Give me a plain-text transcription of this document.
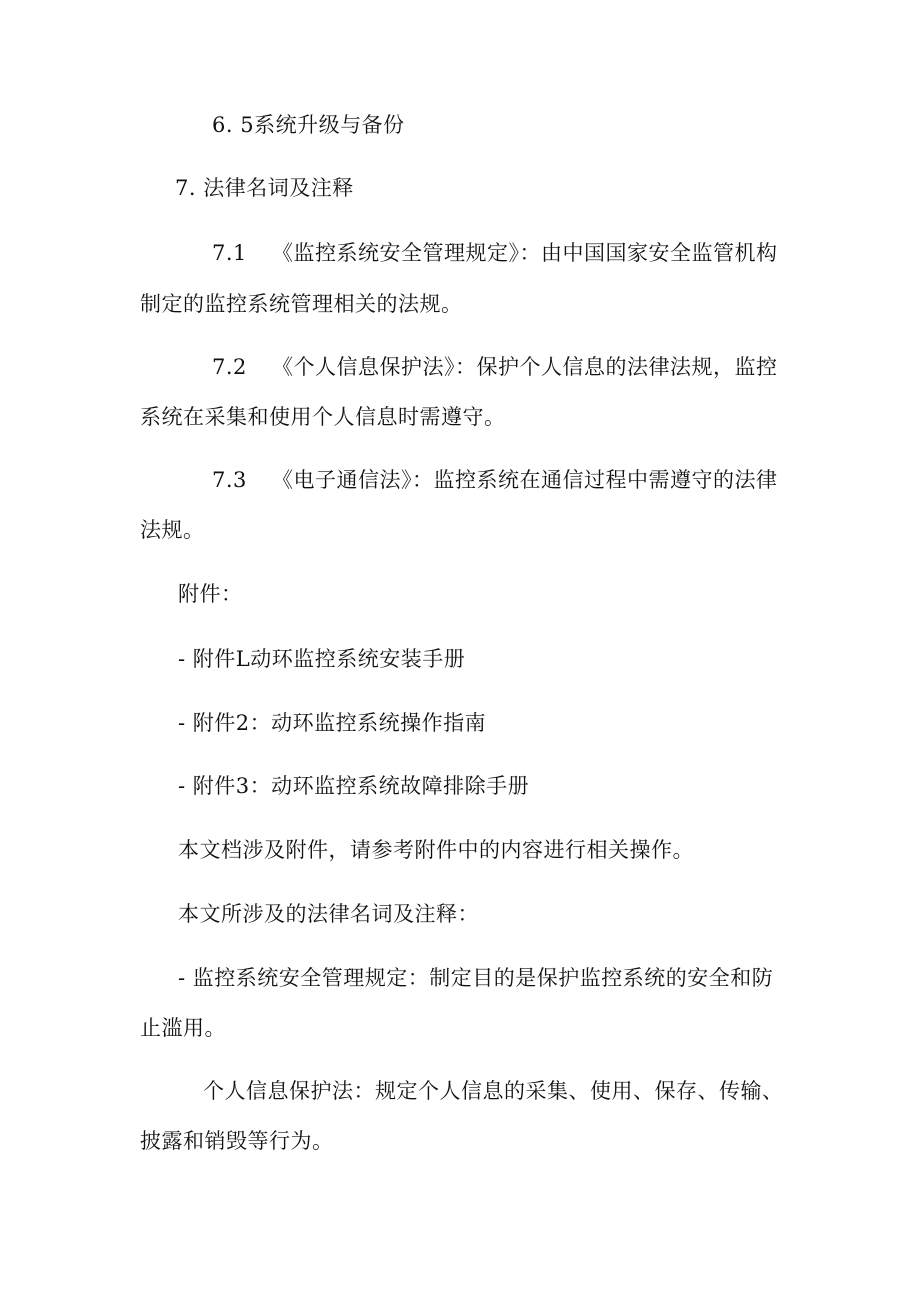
6. 5系统升级与备份
7. 法律名词及注释
7.1 《监控系统安全管理规定》：由中国国家安全监管机构
制定的监控系统管理相关的法规。
7.2 《个人信息保护法》：保护个人信息的法律法规，监控
系统在采集和使用个人信息时需遵守。
7.3 《电子通信法》：监控系统在通信过程中需遵守的法律
法规。
附件：
- 附件L动环监控系统安装手册
- 附件2：动环监控系统操作指南
- 附件3：动环监控系统故障排除手册
本文档涉及附件，请参考附件中的内容进行相关操作。
本文所涉及的法律名词及注释：
- 监控系统安全管理规定：制定目的是保护监控系统的安全和防
止滥用。
个人信息保护法：规定个人信息的采集、使用、保存、传输、
披露和销毁等行为。
